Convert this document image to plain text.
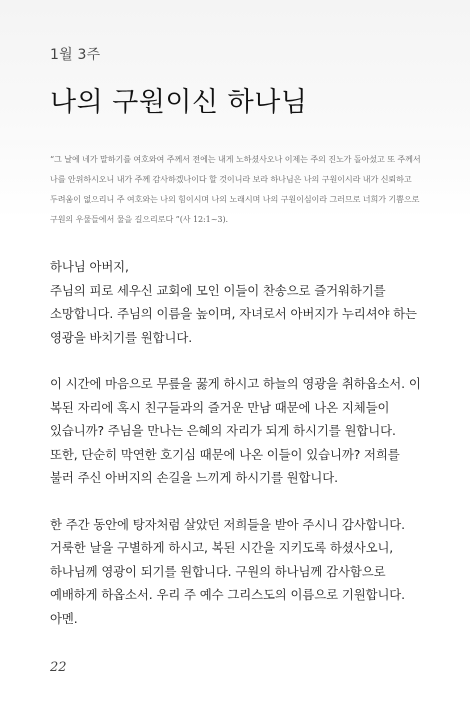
1월 3주
나의 구원이신 하나님

“그 날에 네가 말하기를 여호와여 주께서 전에는 내게 노하셨사오나 이제는 주의 진노가 돌아섰고 또 주께서 나를 안위하시오니 내가 주께 감사하겠나이다 할 것이니라 보라 하나님은 나의 구원이시라 내가 신뢰하고 두려움이 없으리니 주 여호와는 나의 힘이시며 나의 노래시며 나의 구원이심이라 그러므로 너희가 기쁨으로 구원의 우물들에서 물을 길으리로다 ”(사 12:1~3).

하나님 아버지,

주님의 피로 세우신 교회에 모인 이들이 찬송으로 즐거워하기를 소망합니다. 주님의 이름을 높이며, 자녀로서 아버지가 누리셔야 하는 영광을 바치기를 원합니다.

이 시간에 마음으로 무릎을 꿇게 하시고 하늘의 영광을 취하옵소서. 이 복된 자리에 혹시 친구들과의 즐거운 만남 때문에 나온 지체들이 있습니까? 주님을 만나는 은혜의 자리가 되게 하시기를 원합니다. 또한, 단순히 막연한 호기심 때문에 나온 이들이 있습니까? 저희를 불러 주신 아버지의 손길을 느끼게 하시기를 원합니다.

한 주간 동안에 탕자처럼 살았던 저희들을 받아 주시니 감사합니다. 거룩한 날을 구별하게 하시고, 복된 시간을 지키도록 하셨사오니, 하나님께 영광이 되기를 원합니다. 구원의 하나님께 감사함으로 예배하게 하옵소서. 우리 주 예수 그리스도의 이름으로 기원합니다. 아멘.

22
